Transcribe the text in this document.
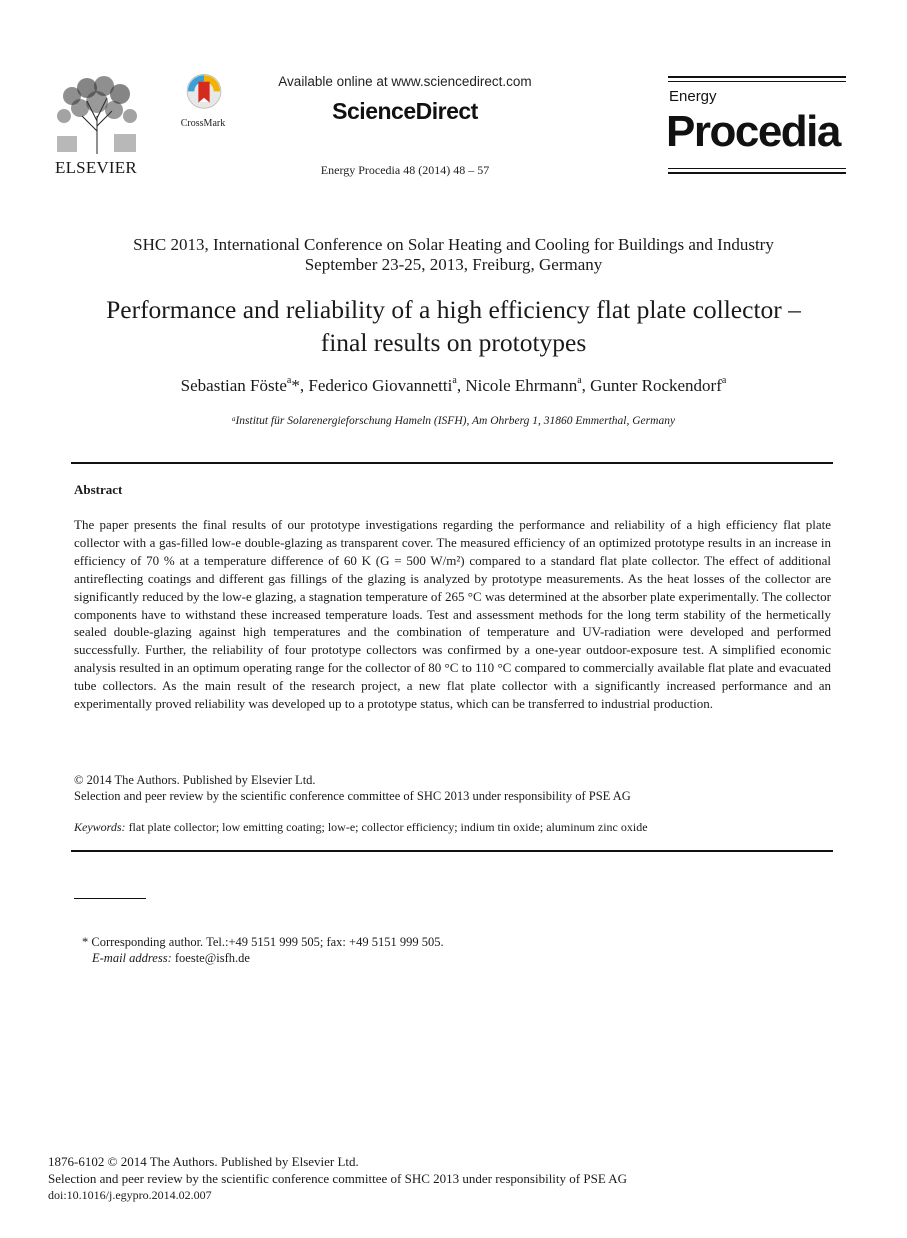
ELSEVIER
CrossMark
Available online at www.sciencedirect.com
ScienceDirect
Energy Procedia 48 (2014) 48 – 57
Energy
Procedia
SHC 2013, International Conference on Solar Heating and Cooling for Buildings and Industry
September 23-25, 2013, Freiburg, Germany
Performance and reliability of a high efficiency flat plate collector –
final results on prototypes
Sebastian Föste$^a$*, Federico Giovannetti$^a$, Nicole Ehrmann$^a$, Gunter Rockendorf$^a$
$^a$Institut für Solarenergieforschung Hameln (ISFH), Am Ohrberg 1, 31860 Emmerthal, Germany
Abstract
The paper presents the final results of our prototype investigations regarding the performance and reliability of a high efficiency flat plate collector with a gas-filled low-e double-glazing as transparent cover. The measured efficiency of an optimized prototype results in an increase in efficiency of 70 % at a temperature difference of 60 K (G = 500 W/m²) compared to a standard flat plate collector. The effect of additional antireflecting coatings and different gas fillings of the glazing is analyzed by prototype measurements. As the heat losses of the collector are significantly reduced by the low-e glazing, a stagnation temperature of 265 °C was determined at the absorber plate experimentally. The collector components have to withstand these increased temperature loads. Test and assessment methods for the long term stability of the hermetically sealed double-glazing against high temperatures and the combination of temperature and UV-radiation were developed and performed successfully. Further, the reliability of four prototype collectors was confirmed by a one-year outdoor-exposure test. A simplified economic analysis resulted in an optimum operating range for the collector of 80 °C to 110 °C compared to commercially available flat plate and evacuated tube collectors. As the main result of the research project, a new flat plate collector with a significantly increased performance and an experimentally proved reliability was developed up to a prototype status, which can be transferred to industrial production.
© 2014 The Authors. Published by Elsevier Ltd.
Selection and peer review by the scientific conference committee of SHC 2013 under responsibility of PSE AG
Keywords: flat plate collector; low emitting coating; low-e; collector efficiency; indium tin oxide; aluminum zinc oxide
* Corresponding author. Tel.:+49 5151 999 505; fax: +49 5151 999 505.
E-mail address: foeste@isfh.de
1876-6102 © 2014 The Authors. Published by Elsevier Ltd.
Selection and peer review by the scientific conference committee of SHC 2013 under responsibility of PSE AG
doi:10.1016/j.egypro.2014.02.007
